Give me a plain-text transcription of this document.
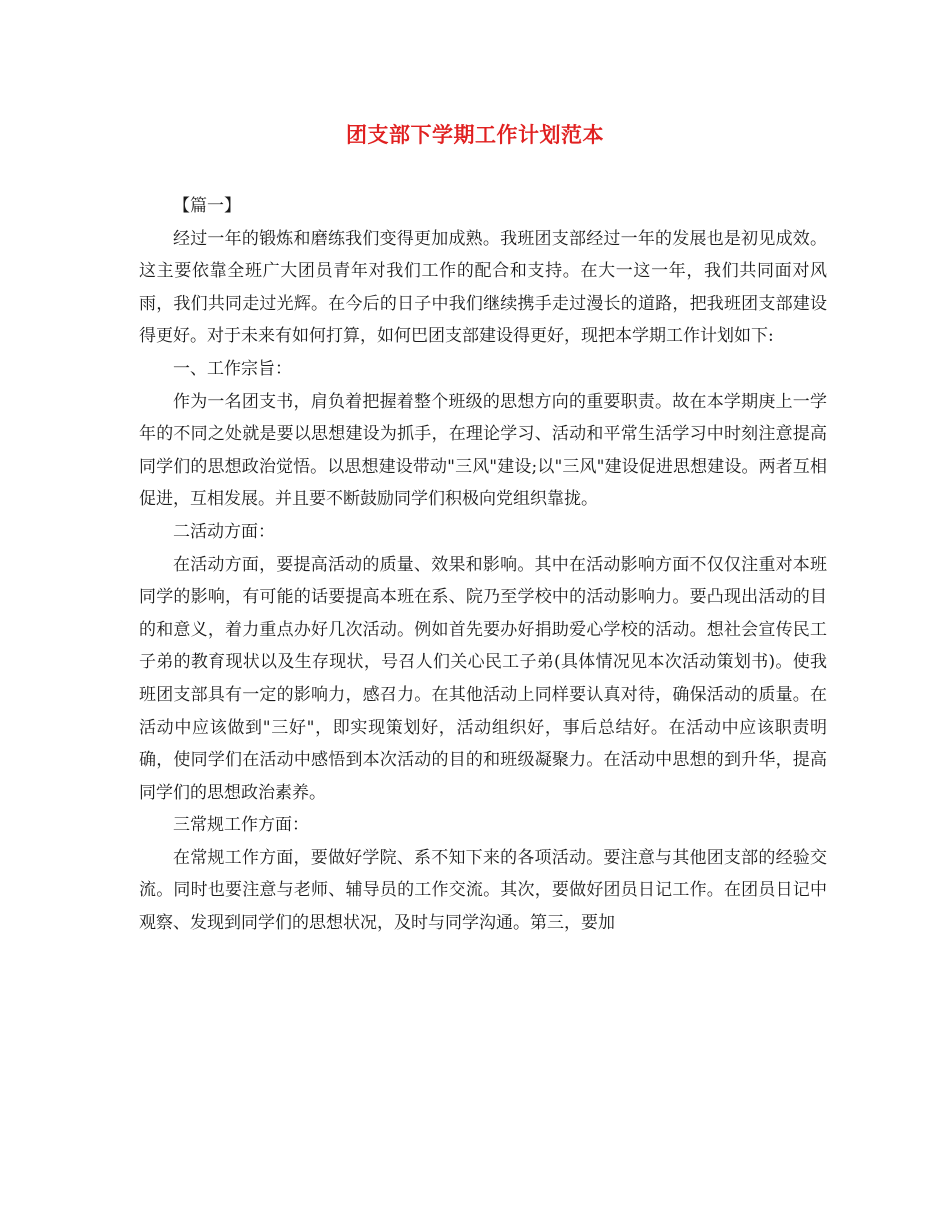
团支部下学期工作计划范本

【篇一】

经过一年的锻炼和磨练我们变得更加成熟。我班团支部经过一年的发展也是初见成效。这主要依靠全班广大团员青年对我们工作的配合和支持。在大一这一年，我们共同面对风雨，我们共同走过光辉。在今后的日子中我们继续携手走过漫长的道路，把我班团支部建设得更好。对于未来有如何打算，如何巴团支部建设得更好，现把本学期工作计划如下:

一、工作宗旨：

作为一名团支书，肩负着把握着整个班级的思想方向的重要职责。故在本学期庚上一学年的不同之处就是要以思想建设为抓手，在理论学习、活动和平常生活学习中时刻注意提高同学们的思想政治觉悟。以思想建设带动"三风"建设;以"三风"建设促进思想建设。两者互相促进，互相发展。并且要不断鼓励同学们积极向党组织靠拢。

二活动方面：

在活动方面，要提高活动的质量、效果和影响。其中在活动影响方面不仅仅注重对本班同学的影响，有可能的话要提高本班在系、院乃至学校中的活动影响力。要凸现出活动的目的和意义，着力重点办好几次活动。例如首先要办好捐助爱心学校的活动。想社会宣传民工子弟的教育现状以及生存现状，号召人们关心民工子弟(具体情况见本次活动策划书)。使我班团支部具有一定的影响力，感召力。在其他活动上同样要认真对待，确保活动的质量。在活动中应该做到"三好"，即实现策划好，活动组织好，事后总结好。在活动中应该职责明确，使同学们在活动中感悟到本次活动的目的和班级凝聚力。在活动中思想的到升华，提高同学们的思想政治素养。

三常规工作方面：

在常规工作方面，要做好学院、系不知下来的各项活动。要注意与其他团支部的经验交流。同时也要注意与老师、辅导员的工作交流。其次，要做好团员日记工作。在团员日记中观察、发现到同学们的思想状况，及时与同学沟通。第三，要加
